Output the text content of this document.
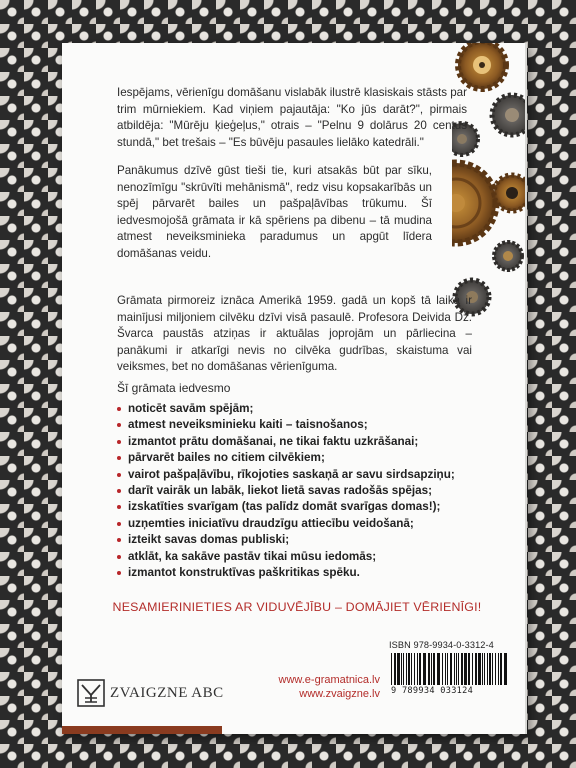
Iespējams, vērienīgu domāšanu vislabāk ilustrē klasiskais stāsts par trim mūrniekiem. Kad viņiem pajautāja: "Ko jūs darāt?", pirmais atbildēja: "Mūrēju ķieģeļus," otrais – "Pelnu 9 dolārus 20 centus stundā," bet trešais – "Es būvēju pasaules lielāko katedrāli."

Panākumus dzīvē gūst tieši tie, kuri atsakās būt par sīku, nenozīmīgu "skrūvīti mehānismā", redz visu kopsakarībās un spēj pārvarēt bailes un pašpaļāvības trūkumu. Šī iedvesmojošā grāmata ir kā spēriens pa dibenu – tā mudina atmest neveiksminieka paradumus un apgūt līdera domāšanas veidu.

Grāmata pirmoreiz iznāca Amerikā 1959. gadā un kopš tā laika ir mainījusi miljoniem cilvēku dzīvi visā pasaulē. Profesora Deivida Dž. Švarca paustās atziņas ir aktuālas joprojām un pārliecina – panākumi ir atkarīgi nevis no cilvēka gudrības, skaistuma vai veiksmes, bet no domāšanas vērienīguma.

Šī grāmata iedvesmo

noticēt savām spējām;
atmest neveiksminieku kaiti – taisnošanos;
izmantot prātu domāšanai, ne tikai faktu uzkrāšanai;
pārvarēt bailes no citiem cilvēkiem;
vairot pašpaļāvību, rīkojoties saskaņā ar savu sirdsapziņu;
darīt vairāk un labāk, liekot lietā savas radošās spējas;
izskatīties svarīgam (tas palīdz domāt svarīgas domas!);
uzņemties iniciatīvu draudzīgu attiecību veidošanā;
izteikt savas domas publiski;
atklāt, ka sakāve pastāv tikai mūsu iedomās;
izmantot konstruktīvas paškritikas spēku.
NESAMIERINIETIES AR VIDUVĒJĪBU – DOMĀJIET VĒRIENĪGI!

ISBN 978-9934-0-3312-4

9 789934 033124
www.e-gramatnica.lv
www.zvaigzne.lv
ZVAIGZNE ABC
